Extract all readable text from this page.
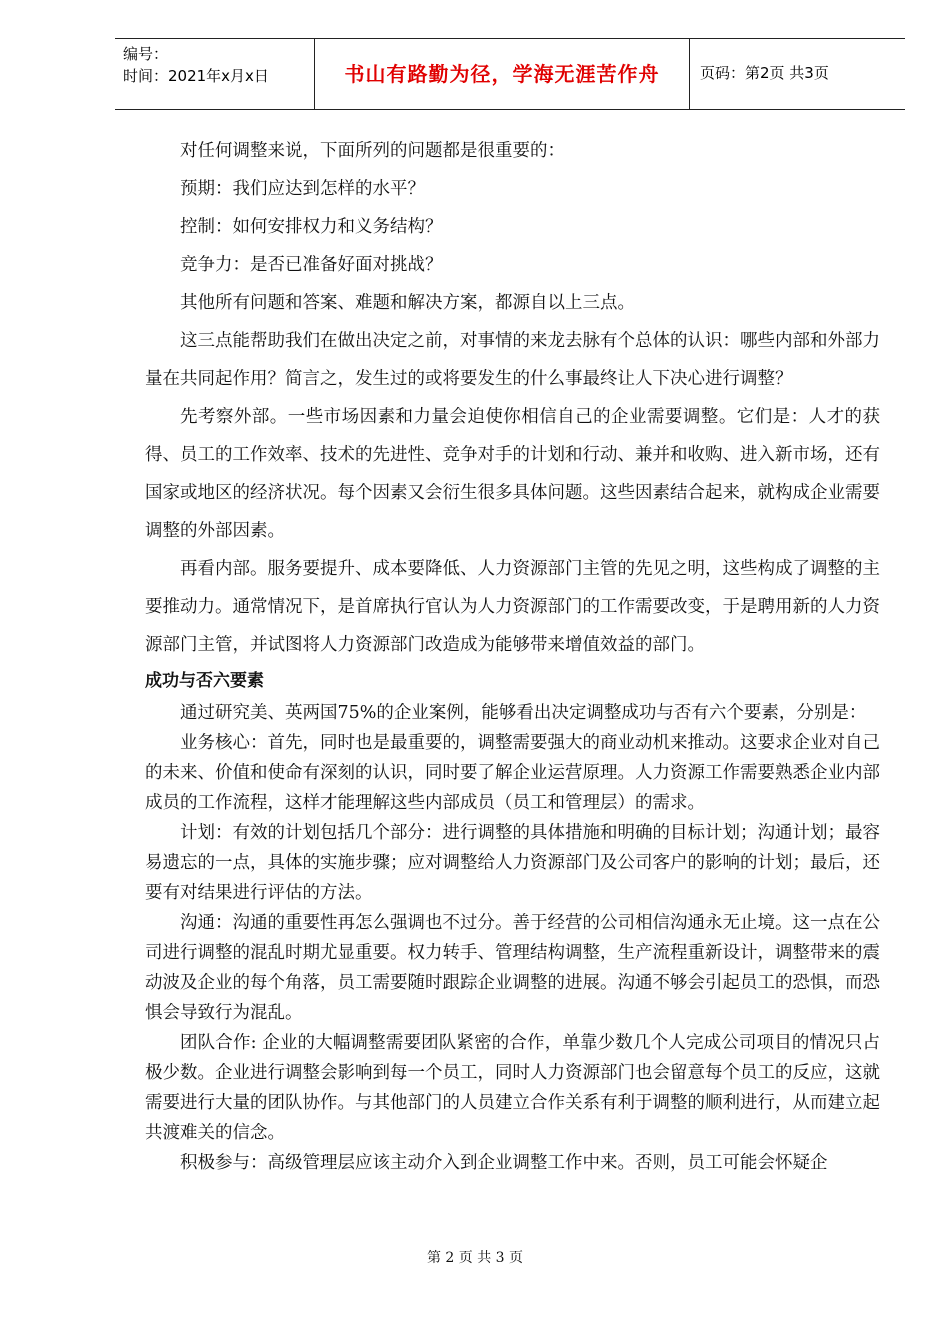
编号：
时间：2021年x月x日	书山有路勤为径，学海无涯苦作舟	页码：第2页 共3页

对任何调整来说，下面所列的问题都是很重要的：

预期：我们应达到怎样的水平？

控制：如何安排权力和义务结构？

竞争力：是否已准备好面对挑战？

其他所有问题和答案、难题和解决方案，都源自以上三点。

这三点能帮助我们在做出决定之前，对事情的来龙去脉有个总体的认识：哪些内部和外部力量在共同起作用？简言之，发生过的或将要发生的什么事最终让人下决心进行调整？

先考察外部。一些市场因素和力量会迫使你相信自己的企业需要调整。它们是：人才的获得、员工的工作效率、技术的先进性、竞争对手的计划和行动、兼并和收购、进入新市场，还有国家或地区的经济状况。每个因素又会衍生很多具体问题。这些因素结合起来，就构成企业需要调整的外部因素。

再看内部。服务要提升、成本要降低、人力资源部门主管的先见之明，这些构成了调整的主要推动力。通常情况下，是首席执行官认为人力资源部门的工作需要改变，于是聘用新的人力资源部门主管，并试图将人力资源部门改造成为能够带来增值效益的部门。

成功与否六要素

通过研究美、英两国75%的企业案例，能够看出决定调整成功与否有六个要素，分别是：

业务核心：首先，同时也是最重要的，调整需要强大的商业动机来推动。这要求企业对自己的未来、价值和使命有深刻的认识，同时要了解企业运营原理。人力资源工作需要熟悉企业内部成员的工作流程，这样才能理解这些内部成员（员工和管理层）的需求。

计划：有效的计划包括几个部分：进行调整的具体措施和明确的目标计划；沟通计划；最容易遗忘的一点，具体的实施步骤；应对调整给人力资源部门及公司客户的影响的计划；最后，还要有对结果进行评估的方法。

沟通：沟通的重要性再怎么强调也不过分。善于经营的公司相信沟通永无止境。这一点在公司进行调整的混乱时期尤显重要。权力转手、管理结构调整，生产流程重新设计，调整带来的震动波及企业的每个角落，员工需要随时跟踪企业调整的进展。沟通不够会引起员工的恐惧，而恐惧会导致行为混乱。

团队合作: 企业的大幅调整需要团队紧密的合作，单靠少数几个人完成公司项目的情况只占极少数。企业进行调整会影响到每一个员工，同时人力资源部门也会留意每个员工的反应，这就需要进行大量的团队协作。与其他部门的人员建立合作关系有利于调整的顺利进行，从而建立起共渡难关的信念。

积极参与：高级管理层应该主动介入到企业调整工作中来。否则，员工可能会怀疑企

第 2 页 共 3 页
